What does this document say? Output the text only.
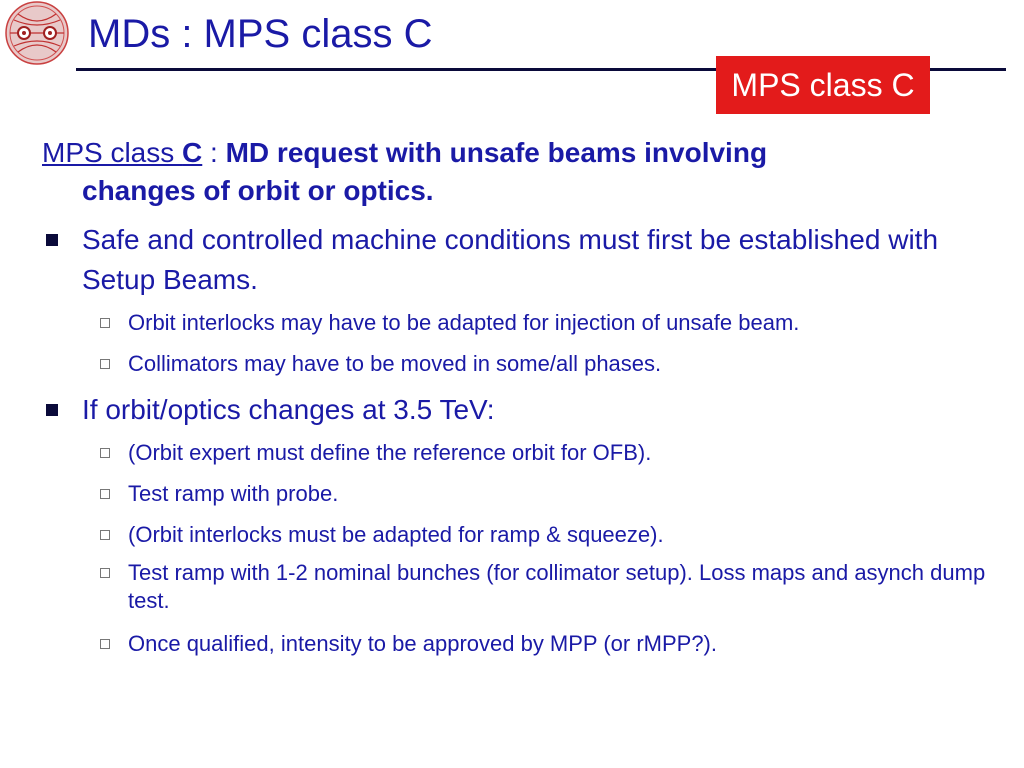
MDs : MPS class C
MPS class C
MPS class C : MD request with unsafe beams involving
changes of orbit or optics.
Safe and controlled machine conditions must first be established with Setup Beams.
Orbit interlocks may have to be adapted for injection of unsafe beam.
Collimators may have to be moved in some/all phases.
If orbit/optics changes at 3.5 TeV:
(Orbit expert must define the reference orbit for OFB).
Test ramp with probe.
(Orbit interlocks must be adapted for ramp & squeeze).
Test ramp with 1-2 nominal bunches (for collimator setup). Loss maps and asynch dump test.
Once qualified, intensity to be approved by MPP (or rMPP?).
